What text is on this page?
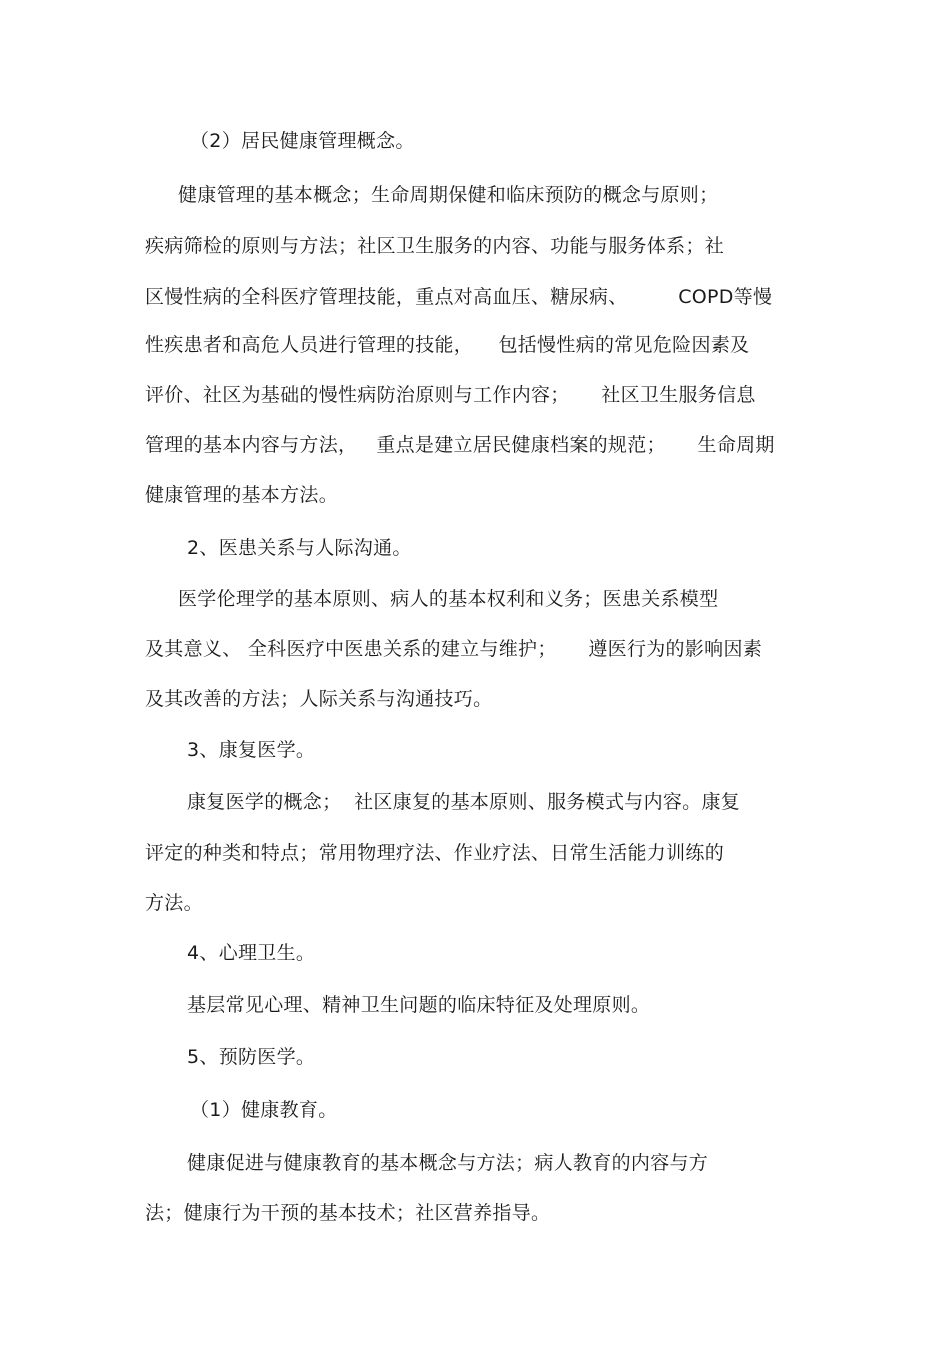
（2）居民健康管理概念。
健康管理的基本概念；生命周期保健和临床预防的概念与原则；
疾病筛检的原则与方法；社区卫生服务的内容、功能与服务体系；社
区慢性病的全科医疗管理技能，重点对高血压、糖尿病、        COPD等慢
性疾患者和高危人员进行管理的技能，    包括慢性病的常见危险因素及
评价、社区为基础的慢性病防治原则与工作内容；     社区卫生服务信息
管理的基本内容与方法，   重点是建立居民健康档案的规范；     生命周期
健康管理的基本方法。
2、医患关系与人际沟通。
医学伦理学的基本原则、病人的基本权利和义务；医患关系模型
及其意义、 全科医疗中医患关系的建立与维护；     遵医行为的影响因素
及其改善的方法；人际关系与沟通技巧。
3、康复医学。
康复医学的概念；  社区康复的基本原则、服务模式与内容。康复
评定的种类和特点；常用物理疗法、作业疗法、日常生活能力训练的
方法。
4、心理卫生。
基层常见心理、精神卫生问题的临床特征及处理原则。
5、预防医学。
（1）健康教育。
健康促进与健康教育的基本概念与方法；病人教育的内容与方
法；健康行为干预的基本技术；社区营养指导。
